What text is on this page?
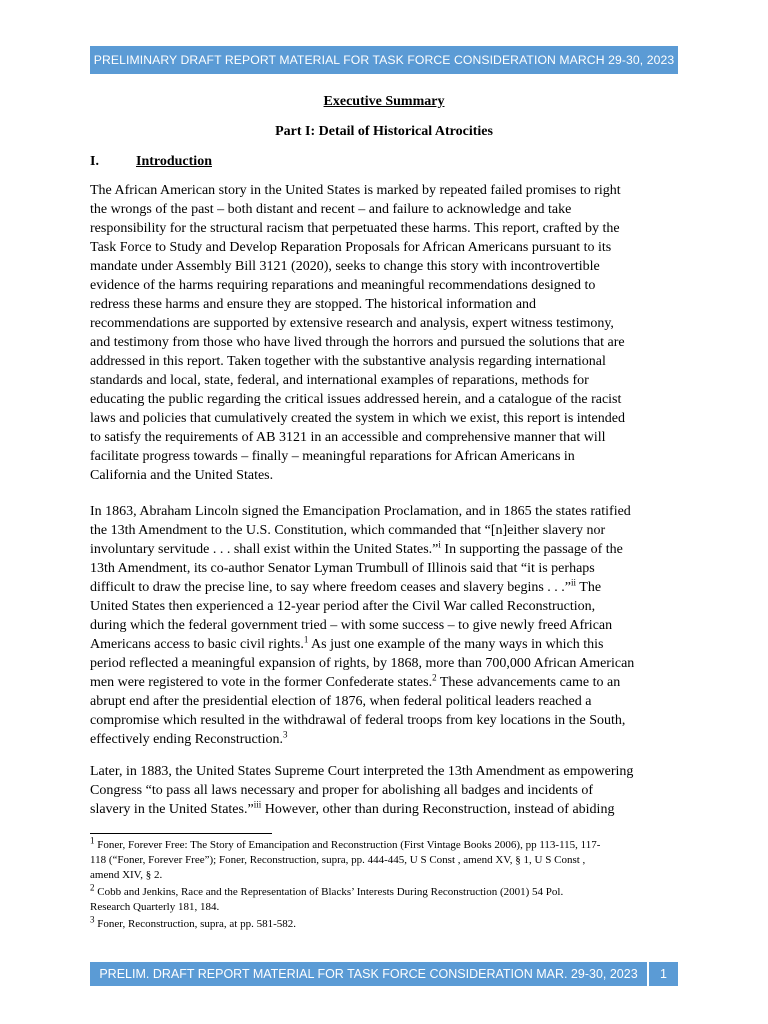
PRELIMINARY DRAFT REPORT MATERIAL FOR TASK FORCE CONSIDERATION MARCH 29-30, 2023
Executive Summary
Part I: Detail of Historical Atrocities
I.	Introduction

The African American story in the United States is marked by repeated failed promises to right
the wrongs of the past – both distant and recent – and failure to acknowledge and take
responsibility for the structural racism that perpetuated these harms. This report, crafted by the
Task Force to Study and Develop Reparation Proposals for African Americans pursuant to its
mandate under Assembly Bill 3121 (2020), seeks to change this story with incontrovertible
evidence of the harms requiring reparations and meaningful recommendations designed to
redress these harms and ensure they are stopped. The historical information and
recommendations are supported by extensive research and analysis, expert witness testimony,
and testimony from those who have lived through the horrors and pursued the solutions that are
addressed in this report. Taken together with the substantive analysis regarding international
standards and local, state, federal, and international examples of reparations, methods for
educating the public regarding the critical issues addressed herein, and a catalogue of the racist
laws and policies that cumulatively created the system in which we exist, this report is intended
to satisfy the requirements of AB 3121 in an accessible and comprehensive manner that will
facilitate progress towards – finally – meaningful reparations for African Americans in
California and the United States.

In 1863, Abraham Lincoln signed the Emancipation Proclamation, and in 1865 the states ratified
the 13th Amendment to the U.S. Constitution, which commanded that “[n]either slavery nor
involuntary servitude . . . shall exist within the United States.”$^i$ In supporting the passage of the
13th Amendment, its co-author Senator Lyman Trumbull of Illinois said that “it is perhaps
difficult to draw the precise line, to say where freedom ceases and slavery begins . . .”$^{ii}$ The
United States then experienced a 12-year period after the Civil War called Reconstruction,
during which the federal government tried – with some success – to give newly freed African
Americans access to basic civil rights.$^1$ As just one example of the many ways in which this
period reflected a meaningful expansion of rights, by 1868, more than 700,000 African American
men were registered to vote in the former Confederate states.$^2$ These advancements came to an
abrupt end after the presidential election of 1876, when federal political leaders reached a
compromise which resulted in the withdrawal of federal troops from key locations in the South,
effectively ending Reconstruction.$^3$

Later, in 1883, the United States Supreme Court interpreted the 13th Amendment as empowering
Congress “to pass all laws necessary and proper for abolishing all badges and incidents of
slavery in the United States.”$^{iii}$ However, other than during Reconstruction, instead of abiding

$^1$ Foner, Forever Free: The Story of Emancipation and Reconstruction (First Vintage Books 2006), pp 113-115, 117-
118 (“Foner, Forever Free”); Foner, Reconstruction, supra, pp. 444-445, U S Const , amend XV, § 1, U S Const ,
amend XIV, § 2.
$^2$ Cobb and Jenkins, Race and the Representation of Blacks’ Interests During Reconstruction (2001) 54 Pol.
Research Quarterly 181, 184.
$^3$ Foner, Reconstruction, supra, at pp. 581-582.
PRELIM. DRAFT REPORT MATERIAL FOR TASK FORCE CONSIDERATION MAR. 29-30, 2023	1
